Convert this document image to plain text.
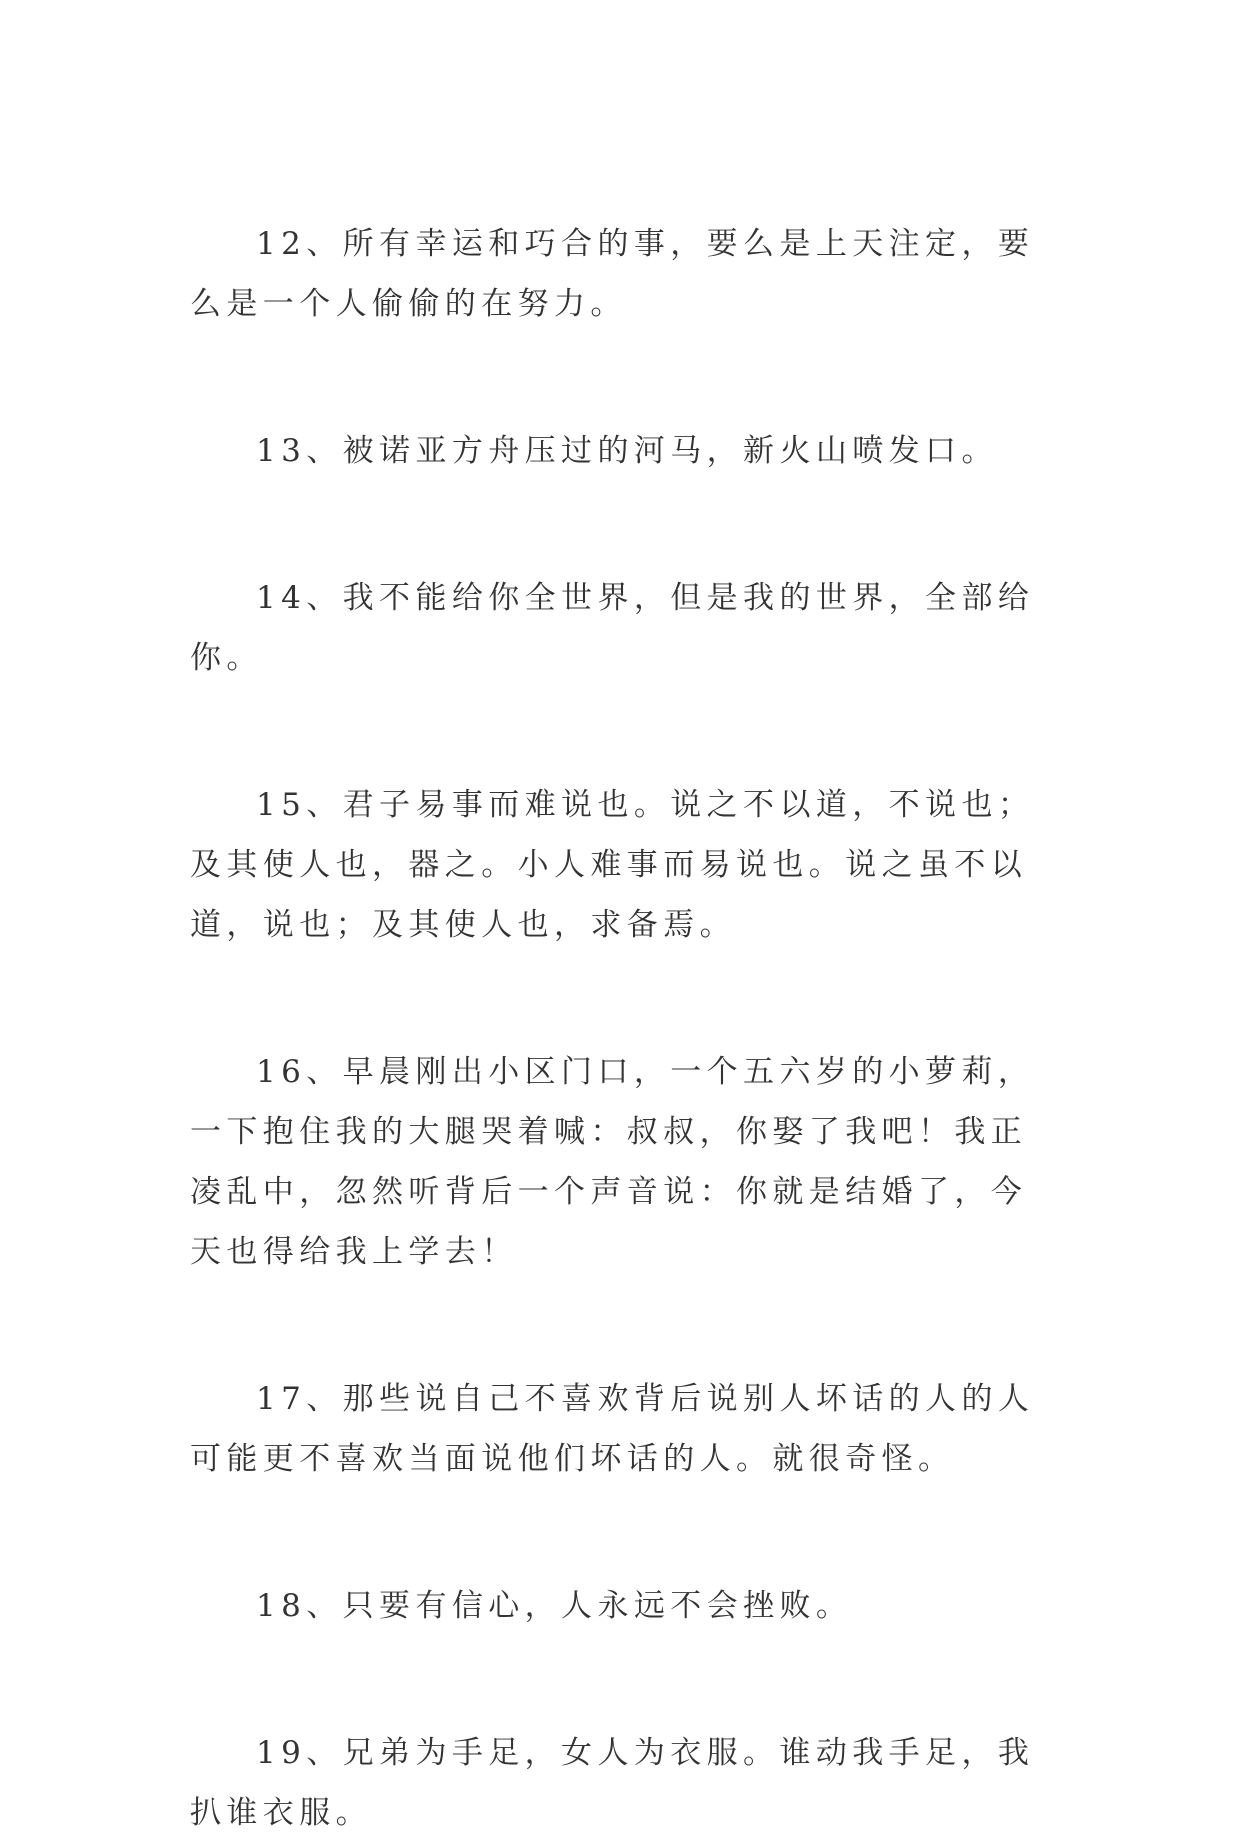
12、所有幸运和巧合的事，要么是上天注定，要么是一个人偷偷的在努力。

13、被诺亚方舟压过的河马，新火山喷发口。

14、我不能给你全世界，但是我的世界，全部给你。

15、君子易事而难说也。说之不以道，不说也；及其使人也，器之。小人难事而易说也。说之虽不以道，说也；及其使人也，求备焉。

16、早晨刚出小区门口，一个五六岁的小萝莉，一下抱住我的大腿哭着喊：叔叔，你娶了我吧！我正凌乱中，忽然听背后一个声音说：你就是结婚了，今天也得给我上学去！

17、那些说自己不喜欢背后说别人坏话的人的人可能更不喜欢当面说他们坏话的人。就很奇怪。

18、只要有信心，人永远不会挫败。

19、兄弟为手足，女人为衣服。谁动我手足，我扒谁衣服。
